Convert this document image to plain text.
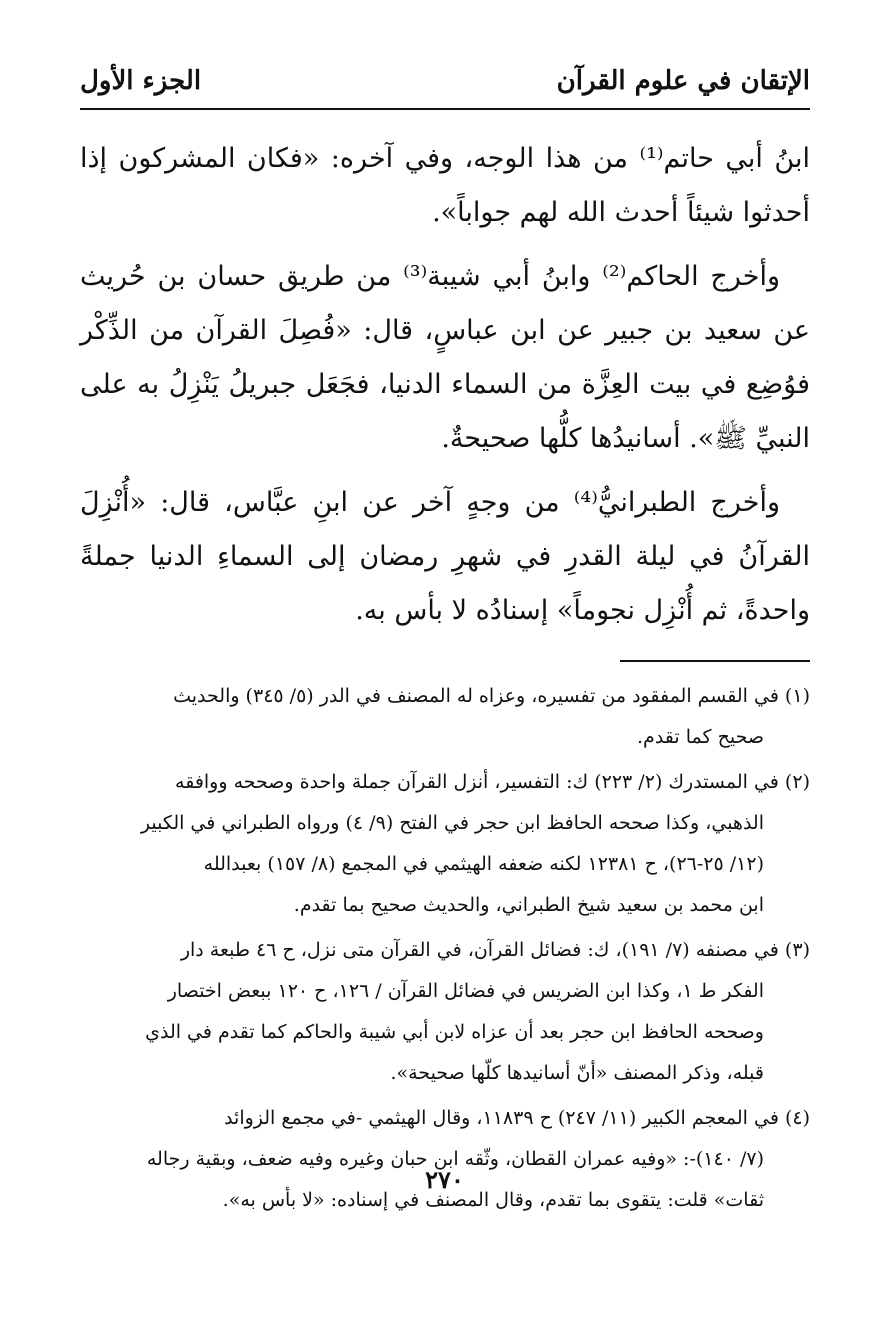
الإتقان في علوم القرآن
الجزء الأول

ابنُ أبي حاتم⁽¹⁾ من هذا الوجه، وفي آخره: «فكان المشركون إذا أحدثوا شيئاً أحدث الله لهم جواباً».

وأخرج الحاكم⁽²⁾ وابنُ أبي شيبة⁽³⁾ من طريق حسان بن حُريث عن سعيد بن جبير عن ابن عباسٍ، قال: «فُصِلَ القرآن من الذِّكْر فوُضِع في بيت العِزَّة من السماء الدنيا، فجَعَل جبريلُ يَنْزِلُ به على النبيِّ ﷺ». أسانيدُها كلُّها صحيحةٌ.

وأخرج الطبرانيُّ⁽⁴⁾ من وجهٍ آخر عن ابنِ عبَّاس، قال: «أُنْزِلَ القرآنُ في ليلة القدرِ في شهرِ رمضان إلى السماءِ الدنيا جملةً واحدةً، ثم أُنْزِل نجوماً» إسنادُه لا بأس به.

(١) في القسم المفقود من تفسيره، وعزاه له المصنف في الدر (٥/ ٣٤٥) والحديث
صحيح كما تقدم.
(٢) في المستدرك (٢/ ٢٢٣) ك: التفسير، أنزل القرآن جملة واحدة وصححه ووافقه
الذهبي، وكذا صححه الحافظ ابن حجر في الفتح (٩/ ٤) ورواه الطبراني في الكبير
(١٢/ ٢٥-٢٦)، ح ١٢٣٨١ لكنه ضعفه الهيثمي في المجمع (٨/ ١٥٧) بعبدالله
ابن محمد بن سعيد شيخ الطبراني، والحديث صحيح بما تقدم.
(٣) في مصنفه (٧/ ١٩١)، ك: فضائل القرآن، في القرآن متى نزل، ح ٤٦ طبعة دار
الفكر ط ١، وكذا ابن الضريس في فضائل القرآن / ١٢٦، ح ١٢٠ ببعض اختصار
وصححه الحافظ ابن حجر بعد أن عزاه لابن أبي شيبة والحاكم كما تقدم في الذي
قبله، وذكر المصنف «أنّ أسانيدها كلّها صحيحة».
(٤) في المعجم الكبير (١١/ ٢٤٧) ح ١١٨٣٩، وقال الهيثمي -في مجمع الزوائد
(٧/ ١٤٠)-: «وفيه عمران القطان، وثّقه ابن حبان وغيره وفيه ضعف، وبقية رجاله
ثقات» قلت: يتقوى بما تقدم، وقال المصنف في إسناده: «لا بأس به».
٢٧٠
